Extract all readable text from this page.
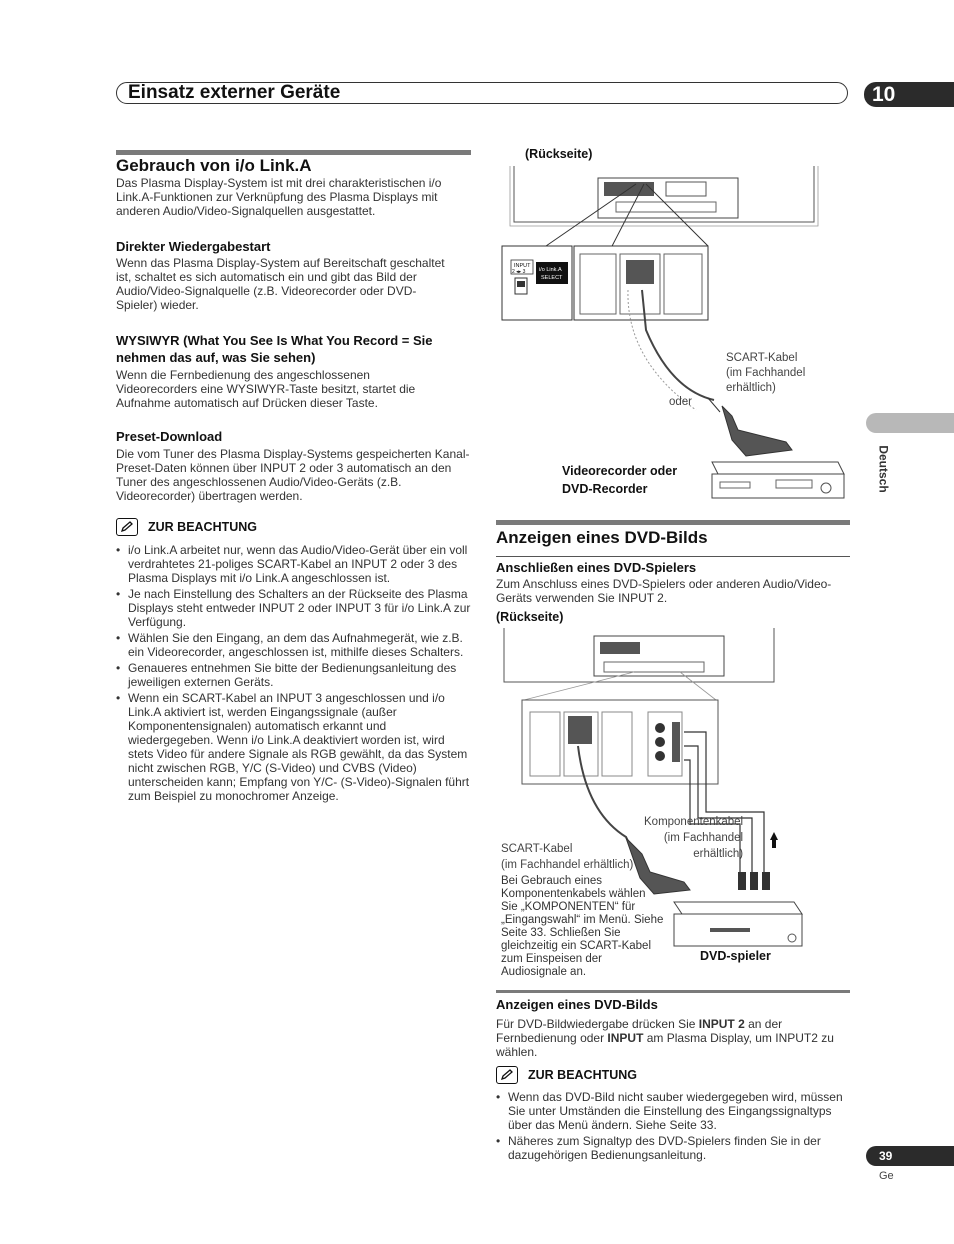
Einsatz externer Geräte	10
Deutsch
Gebrauch von i/o Link.A
Das Plasma Display-System ist mit drei charakteristischen i/o Link.A-Funktionen zur Verknüpfung des Plasma Displays mit anderen Audio/Video-Signalquellen ausgestattet.
Direkter Wiedergabestart
Wenn das Plasma Display-System auf Bereitschaft geschaltet ist, schaltet es sich automatisch ein und gibt das Bild der Audio/Video-Signalquelle (z.B. Videorecorder oder DVD-Spieler) wieder.
WYSIWYR (What You See Is What You Record = Sie nehmen das auf, was Sie sehen)
Wenn die Fernbedienung des angeschlossenen Videorecorders eine WYSIWYR-Taste besitzt, startet die Aufnahme automatisch auf Drücken dieser Taste.
Preset-Download
Die vom Tuner des Plasma Display-Systems gespeicherten Kanal-Preset-Daten können über INPUT 2 oder 3 automatisch an den Tuner des angeschlossenen Audio/Video-Geräts (z.B. Videorecorder) übertragen werden.
ZUR BEACHTUNG
• i/o Link.A arbeitet nur, wenn das Audio/Video-Gerät über ein voll verdrahtetes 21-poliges SCART-Kabel an INPUT 2 oder 3 des Plasma Displays mit i/o Link.A angeschlossen ist.
• Je nach Einstellung des Schalters an der Rückseite des Plasma Displays steht entweder INPUT 2 oder INPUT 3 für i/o Link.A zur Verfügung.
• Wählen Sie den Eingang, an dem das Aufnahmegerät, wie z.B. ein Videorecorder, angeschlossen ist, mithilfe dieses Schalters.
• Genaueres entnehmen Sie bitte der Bedienungsanleitung des jeweiligen externen Geräts.
• Wenn ein SCART-Kabel an INPUT 3 angeschlossen und i/o Link.A aktiviert ist, werden Eingangssignale (außer Komponentensignalen) automatisch erkannt und wiedergegeben. Wenn i/o Link.A deaktiviert worden ist, wird stets Video für andere Signale als RGB gewählt, da das System nicht zwischen RGB, Y/C (S-Video) und CVBS (Video) unterscheiden kann; Empfang von Y/C- (S-Video)-Signalen führt zum Beispiel zu monochromer Anzeige.
(Rückseite)
INPUT
2 ◂▸ 3 i/o Link.A
SELECT
SCART-Kabel
(im Fachhandel
erhältlich)
oder
Videorecorder oder
DVD-Recorder
Anzeigen eines DVD-Bilds
Anschließen eines DVD-Spielers
Zum Anschluss eines DVD-Spielers oder anderen Audio/Video-Geräts verwenden Sie INPUT 2.
(Rückseite)
Komponentenkabel
(im Fachhandel
erhältlich)
SCART-Kabel
(im Fachhandel erhältlich)
Bei Gebrauch eines Komponentenkabels wählen Sie „KOMPONENTEN“ für „Eingangswahl“ im Menü. Siehe Seite 33. Schließen Sie gleichzeitig ein SCART-Kabel zum Einspeisen der Audiosignale an.
DVD-spieler
Anzeigen eines DVD-Bilds
Für DVD-Bildwiedergabe drücken Sie INPUT 2 an der Fernbedienung oder INPUT am Plasma Display, um INPUT2 zu wählen.
ZUR BEACHTUNG
• Wenn das DVD-Bild nicht sauber wiedergegeben wird, müssen Sie unter Umständen die Einstellung des Eingangssignaltyps über das Menü ändern. Siehe Seite 33.
• Näheres zum Signaltyp des DVD-Spielers finden Sie in der dazugehörigen Bedienungsanleitung.	39
Ge
